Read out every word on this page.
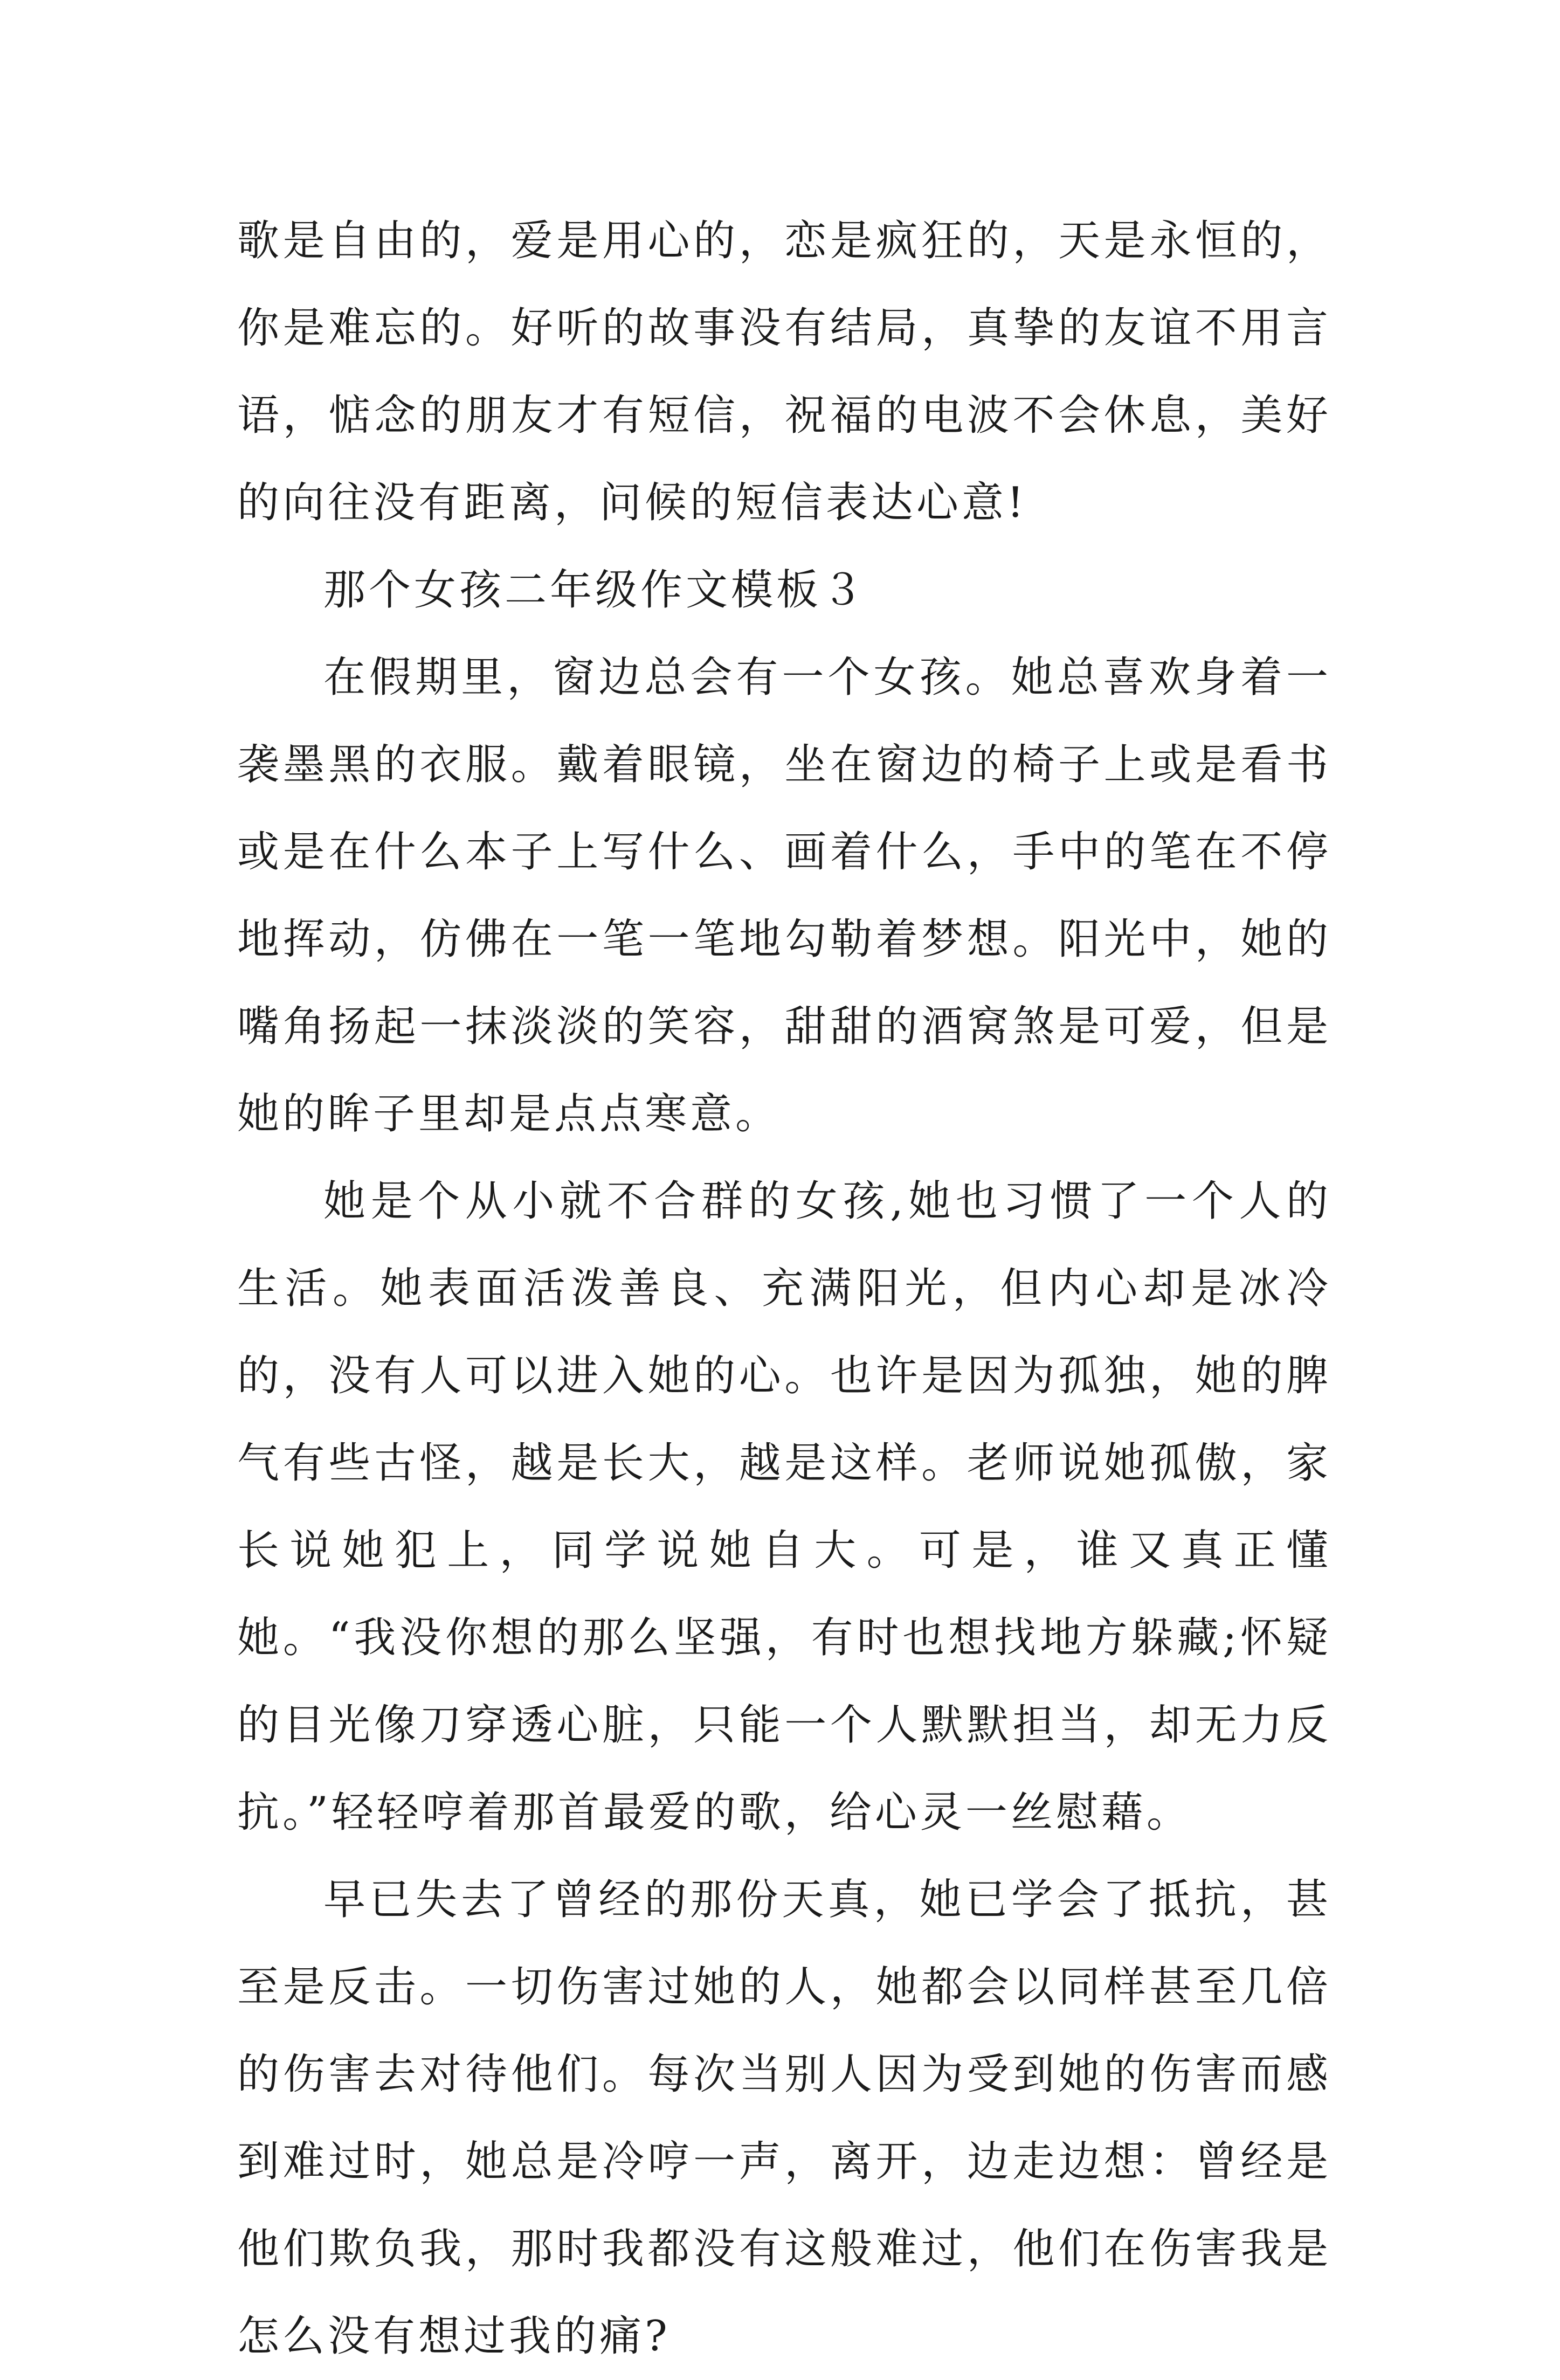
歌是自由的，爱是用心的，恋是疯狂的，天是永恒的，你是难忘的。好听的故事没有结局，真挚的友谊不用言语，惦念的朋友才有短信，祝福的电波不会休息，美好的向往没有距离，问候的短信表达心意!

那个女孩二年级作文模板３

在假期里，窗边总会有一个女孩。她总喜欢身着一袭墨黑的衣服。戴着眼镜，坐在窗边的椅子上或是看书或是在什么本子上写什么、画着什么，手中的笔在不停地挥动，仿佛在一笔一笔地勾勒着梦想。阳光中，她的嘴角扬起一抹淡淡的笑容，甜甜的酒窝煞是可爱，但是她的眸子里却是点点寒意。

她是个从小就不合群的女孩,她也习惯了一个人的生活。她表面活泼善良、充满阳光，但内心却是冰冷的，没有人可以进入她的心。也许是因为孤独，她的脾气有些古怪，越是长大，越是这样。老师说她孤傲，家长说她犯上，同学说她自大。可是，谁又真正懂她。“我没你想的那么坚强，有时也想找地方躲藏;怀疑的目光像刀穿透心脏，只能一个人默默担当，却无力反抗。”轻轻哼着那首最爱的歌，给心灵一丝慰藉。

早已失去了曾经的那份天真，她已学会了抵抗，甚至是反击。一切伤害过她的人，她都会以同样甚至几倍的伤害去对待他们。每次当别人因为受到她的伤害而感到难过时，她总是冷哼一声，离开，边走边想：曾经是他们欺负我，那时我都没有这般难过，他们在伤害我是怎么没有想过我的痛?
